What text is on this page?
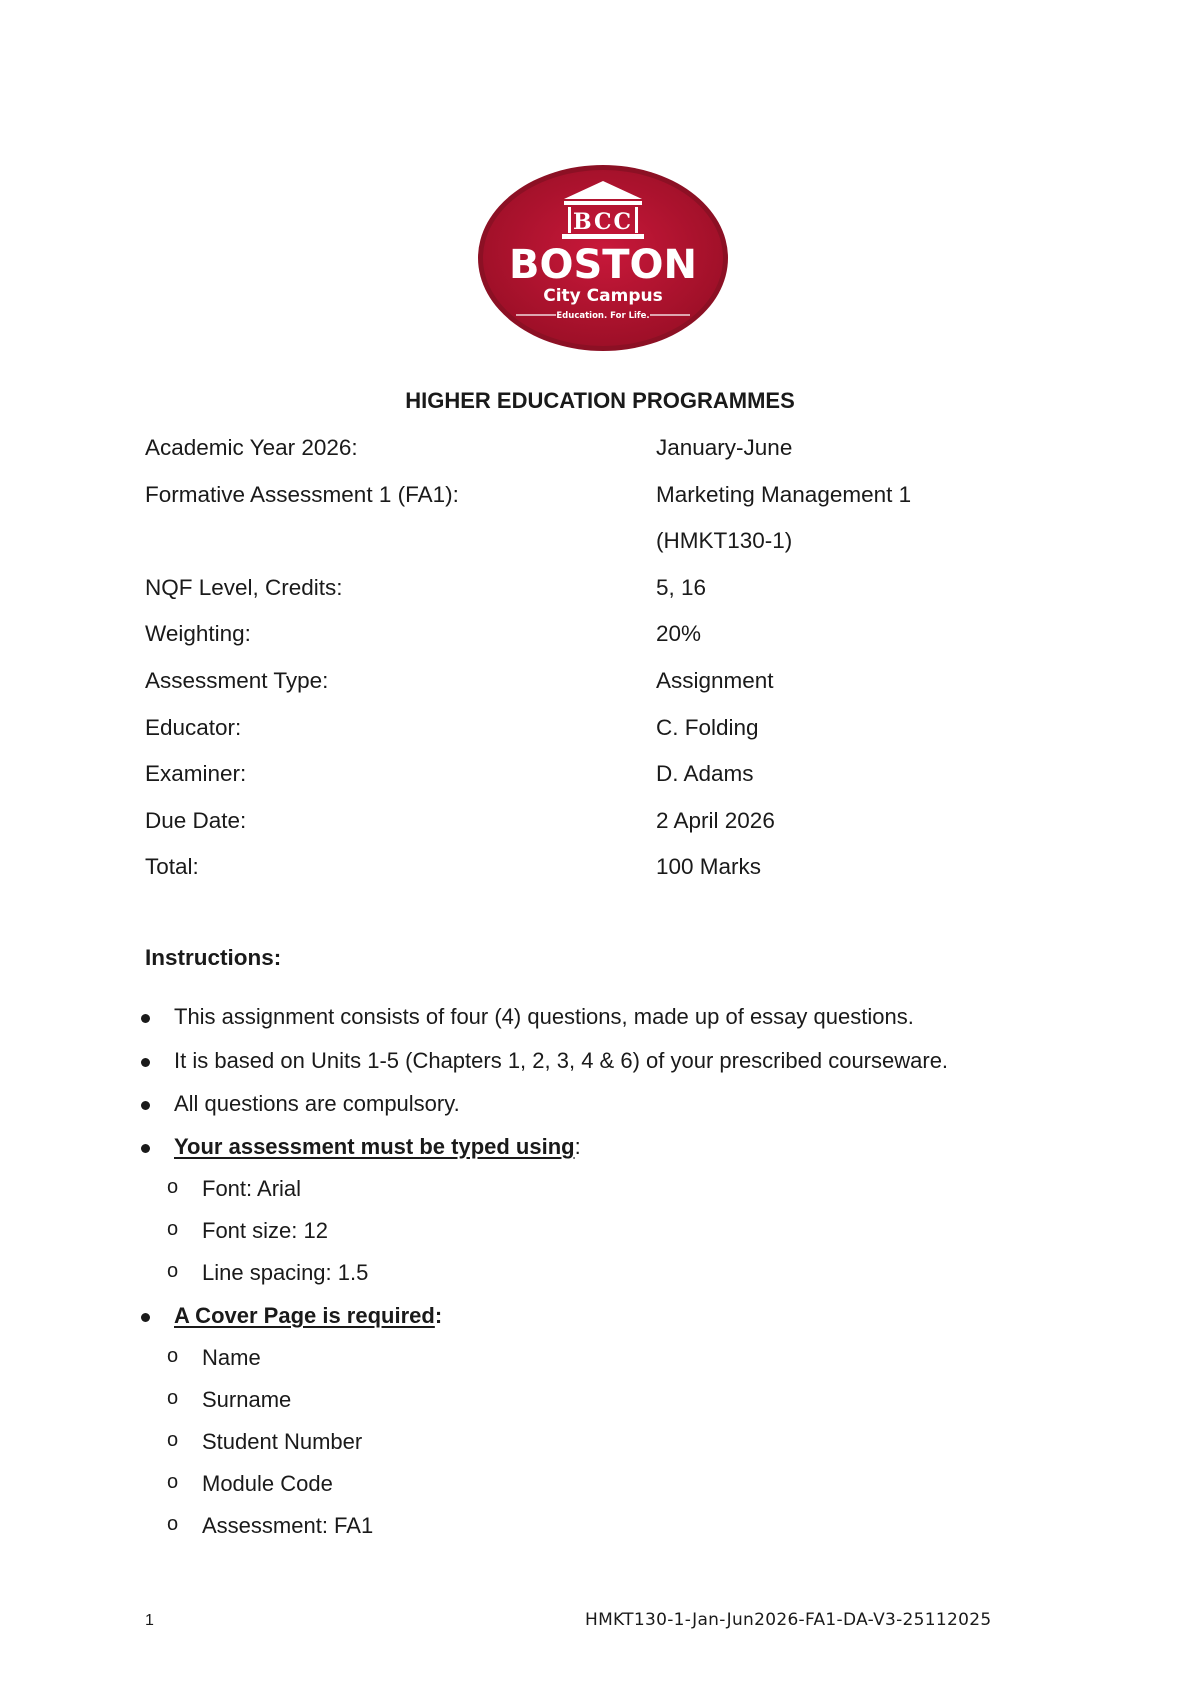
BCC
BOSTON
City Campus
Education. For Life.
HIGHER EDUCATION PROGRAMMES
Academic Year 2026:	January-June
Formative Assessment 1 (FA1):	Marketing Management 1
(HMKT130-1)
NQF Level, Credits:	5, 16
Weighting:	20%
Assessment Type:	Assignment
Educator:	C. Folding
Examiner:	D. Adams
Due Date:	2 April 2026
Total:	100 Marks
Instructions:
This assignment consists of four (4) questions, made up of essay questions.
It is based on Units 1-5 (Chapters 1, 2, 3, 4 & 6) of your prescribed courseware.
All questions are compulsory.
Your assessment must be typed using:
o Font: Arial
o Font size: 12
o Line spacing: 1.5
A Cover Page is required:
o Name
o Surname
o Student Number
o Module Code
o Assessment: FA1
1	HMKT130-1-Jan-Jun2026-FA1-DA-V3-25112025
